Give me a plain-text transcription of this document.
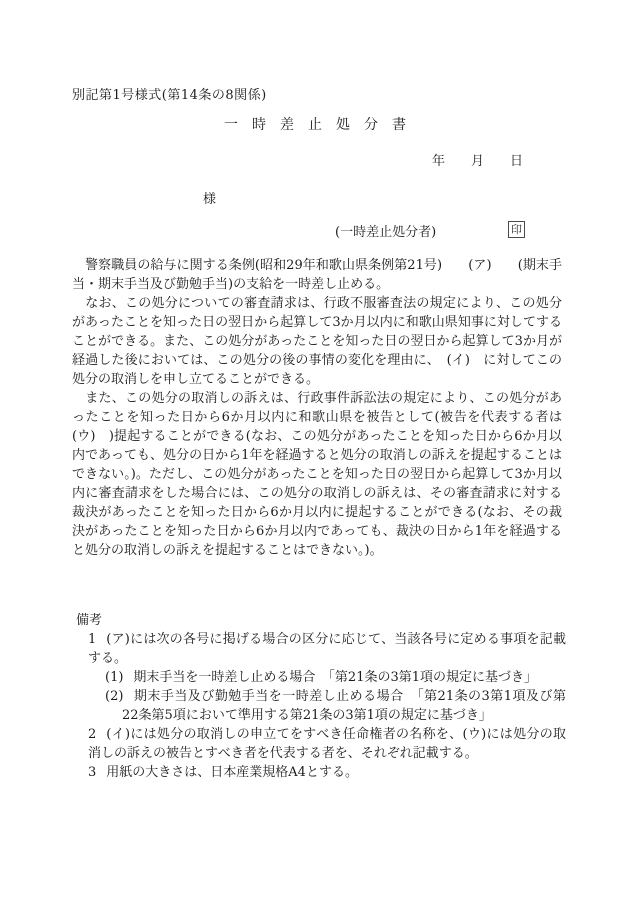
別記第1号様式(第14条の8関係)
一　時　差　止　処　分　書
年　　月　　日
様
(一時差止処分者)	印

　警察職員の給与に関する条例(昭和29年和歌山県条例第21号)　　(ア)　　(期末手当・期末手当及び勤勉手当)の支給を一時差し止める。

　なお、この処分についての審査請求は、行政不服審査法の規定により、この処分があったことを知った日の翌日から起算して3か月以内に和歌山県知事に対してすることができる。また、この処分があったことを知った日の翌日から起算して3か月が経過した後においては、この処分の後の事情の変化を理由に、　(イ)　に対してこの処分の取消しを申し立てることができる。

　また、この処分の取消しの訴えは、行政事件訴訟法の規定により、この処分があったことを知った日から6か月以内に和歌山県を被告として(被告を代表する者は　(ウ)　)提起することができる(なお、この処分があったことを知った日から6か月以内であっても、処分の日から1年を経過すると処分の取消しの訴えを提起することはできない。)。ただし、この処分があったことを知った日の翌日から起算して3か月以内に審査請求をした場合には、この処分の取消しの訴えは、その審査請求に対する裁決があったことを知った日から6か月以内に提起することができる(なお、その裁決があったことを知った日から6か月以内であっても、裁決の日から1年を経過すると処分の取消しの訴えを提起することはできない。)。

備考
1 (ア)には次の各号に掲げる場合の区分に応じて、当該各号に定める事項を記載する。
(1) 期末手当を一時差し止める場合　「第21条の3第1項の規定に基づき」
(2) 期末手当及び勤勉手当を一時差し止める場合　「第21条の3第1項及び第22条第5項において準用する第21条の3第1項の規定に基づき」
2 (イ)には処分の取消しの申立てをすべき任命権者の名称を、(ウ)には処分の取消しの訴えの被告とすべき者を代表する者を、それぞれ記載する。
3 用紙の大きさは、日本産業規格A4とする。
